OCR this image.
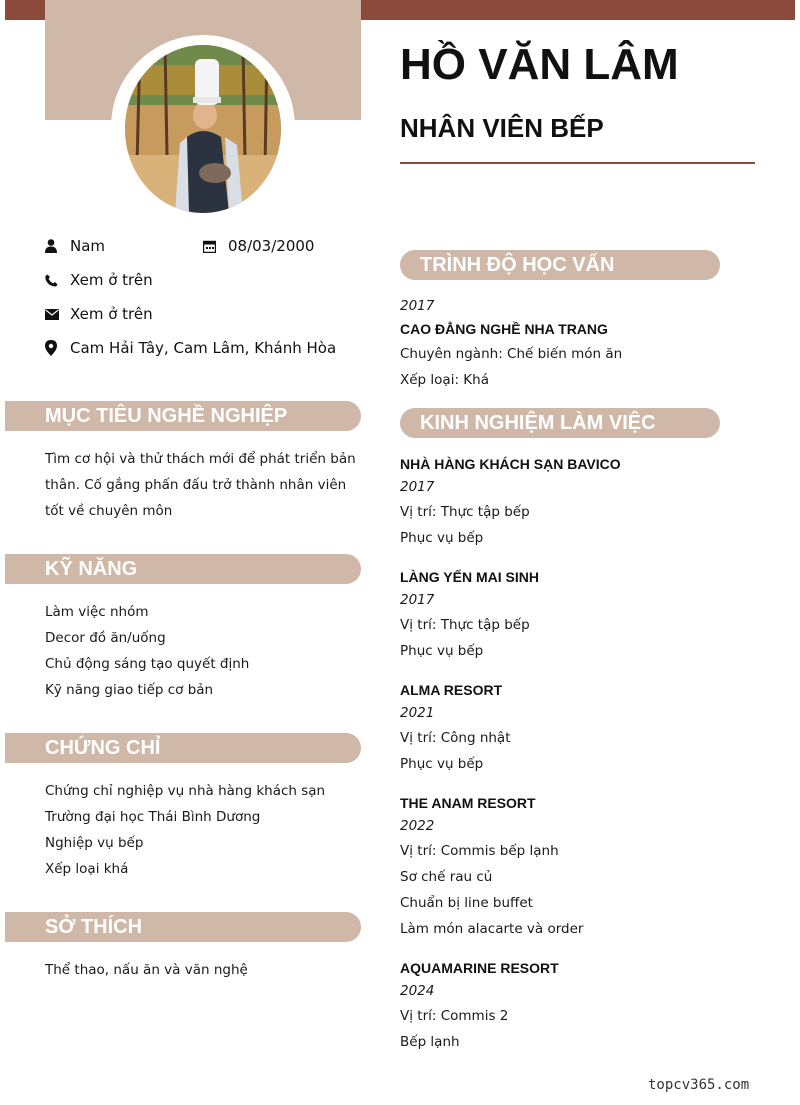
HỒ VĂN LÂM
NHÂN VIÊN BẾP
Nam	08/03/2000
Xem ở trên
Xem ở trên
Cam Hải Tây, Cam Lâm, Khánh Hòa
MỤC TIÊU NGHỀ NGHIỆP
Tìm cơ hội và thử thách mới để phát triển bản thân. Cố gắng phấn đấu trở thành nhân viên tốt về chuyên môn
KỸ NĂNG
Làm việc nhóm
Decor đồ ăn/uống
Chủ động sáng tạo quyết định
Kỹ năng giao tiếp cơ bản
CHỨNG CHỈ
Chứng chỉ nghiệp vụ nhà hàng khách sạn Trường đại học Thái Bình Dương
Nghiệp vụ bếp
Xếp loại khá
SỞ THÍCH
Thể thao, nấu ăn và văn nghệ
TRÌNH ĐỘ HỌC VẤN
2017
CAO ĐẲNG NGHỀ NHA TRANG
Chuyên ngành: Chế biến món ăn
Xếp loại: Khá
KINH NGHIỆM LÀM VIỆC
NHÀ HÀNG KHÁCH SẠN BAVICO
2017
Vị trí: Thực tập bếp
Phục vụ bếp
LÀNG YẾN MAI SINH
2017
Vị trí: Thực tập bếp
Phục vụ bếp
ALMA RESORT
2021
Vị trí: Công nhật
Phục vụ bếp
THE ANAM RESORT
2022
Vị trí: Commis bếp lạnh
Sơ chế rau củ
Chuẩn bị line buffet
Làm món alacarte và order
AQUAMARINE RESORT
2024
Vị trí: Commis 2
Bếp lạnh
topcv365.com
